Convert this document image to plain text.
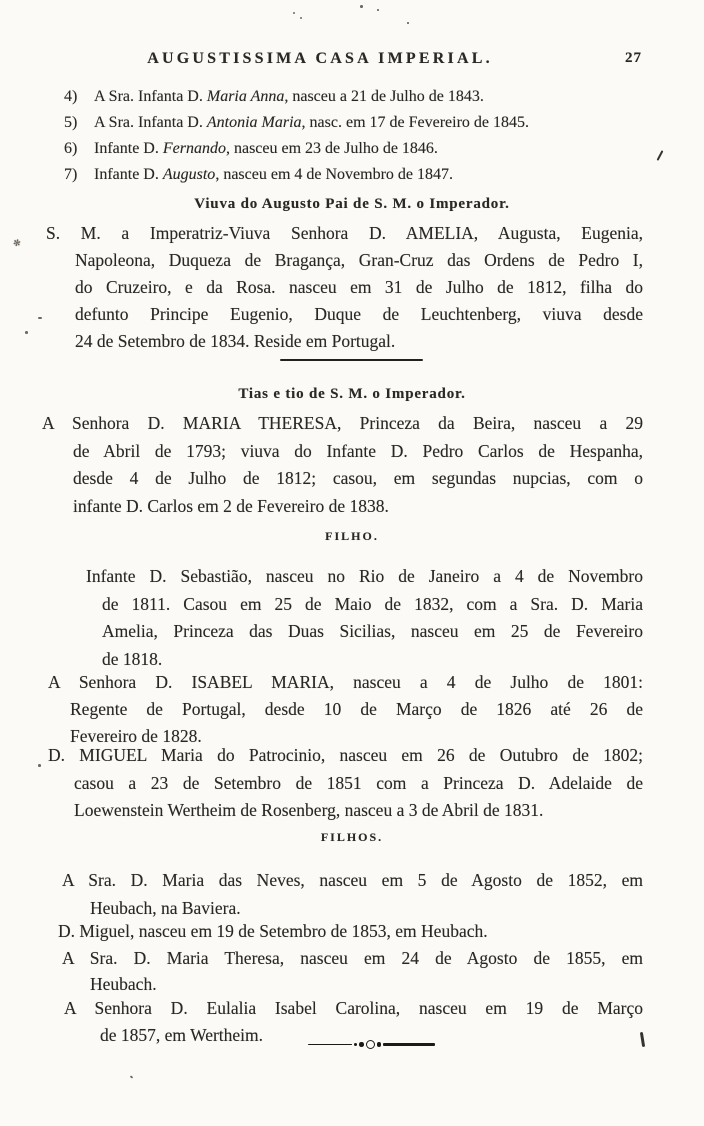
AUGUSTISSIMA CASA IMPERIAL.	27
4) A Sra. Infanta D. Maria Anna, nasceu a 21 de Julho de 1843.
5) A Sra. Infanta D. Antonia Maria, nasc. em 17 de Fevereiro de 1845.
6) Infante D. Fernando, nasceu em 23 de Julho de 1846.
7) Infante D. Augusto, nasceu em 4 de Novembro de 1847.
Viuva do Augusto Pai de S. M. o Imperador.
S. M. a Imperatriz-Viuva Senhora D. AMELIA, Augusta, Eugenia,
Napoleona, Duqueza de Bragança, Gran-Cruz das Ordens de Pedro I,
do Cruzeiro, e da Rosa. nasceu em 31 de Julho de 1812, filha do
defunto Principe Eugenio, Duque de Leuchtenberg, viuva desde
24 de Setembro de 1834. Reside em Portugal.
Tias e tio de S. M. o Imperador.
A Senhora D. MARIA THERESA, Princeza da Beira, nasceu a 29
de Abril de 1793; viuva do Infante D. Pedro Carlos de Hespanha,
desde 4 de Julho de 1812; casou, em segundas nupcias, com o
infante D. Carlos em 2 de Fevereiro de 1838.
FILHO.
Infante D. Sebastião, nasceu no Rio de Janeiro a 4 de Novembro
de 1811. Casou em 25 de Maio de 1832, com a Sra. D. Maria
Amelia, Princeza das Duas Sicilias, nasceu em 25 de Fevereiro
de 1818.
A Senhora D. ISABEL MARIA, nasceu a 4 de Julho de 1801:
Regente de Portugal, desde 10 de Março de 1826 até 26 de
Fevereiro de 1828.
D. MIGUEL Maria do Patrocinio, nasceu em 26 de Outubro de 1802;
casou a 23 de Setembro de 1851 com a Princeza D. Adelaide de
Loewenstein Wertheim de Rosenberg, nasceu a 3 de Abril de 1831.
FILHOS.
A Sra. D. Maria das Neves, nasceu em 5 de Agosto de 1852, em
Heubach, na Baviera.
D. Miguel, nasceu em 19 de Setembro de 1853, em Heubach.
A Sra. D. Maria Theresa, nasceu em 24 de Agosto de 1855, em
Heubach.
A Senhora D. Eulalia Isabel Carolina, nasceu em 19 de Março
de 1857, em Wertheim.
✻
